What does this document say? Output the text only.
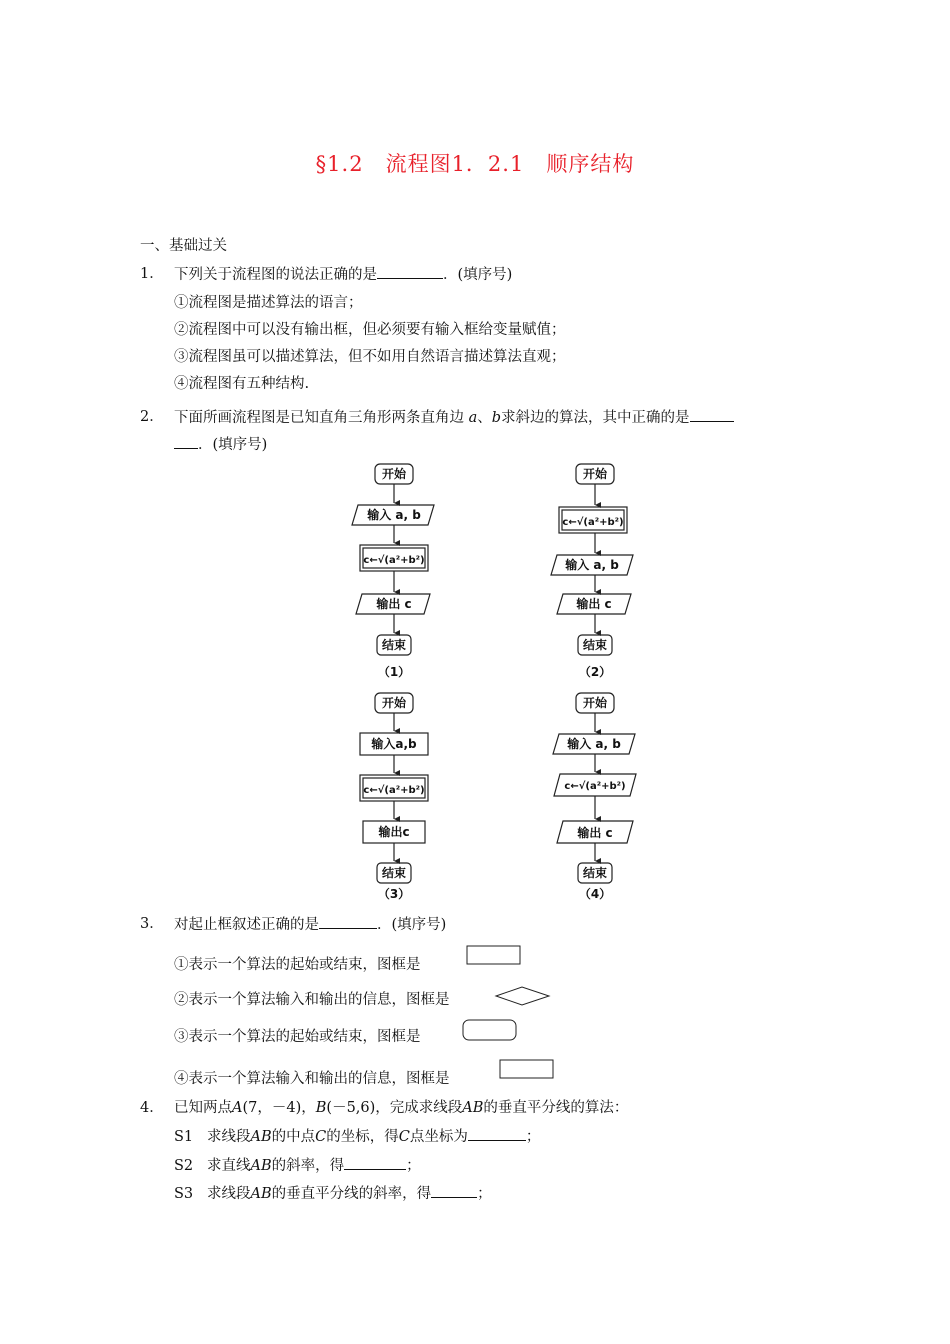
§1.2　流程图1．2.1　顺序结构
一、基础过关
1． 下列关于流程图的说法正确的是	．(填序号)
①流程图是描述算法的语言；
②流程图中可以没有输出框，但必须要有输入框给变量赋值；
③流程图虽可以描述算法，但不如用自然语言描述算法直观；
④流程图有五种结构.
2． 下面所画流程图是已知直角三角形两条直角边 a、b求斜边的算法，其中正确的是
．(填序号)
开始
输入 a, b
c←√(a²+b²)
输出 c
结束
（1）
开始
c←√(a²+b²)
输入 a, b
输出 c
结束
（2）
开始
输入a,b
c←√(a²+b²)
输出c
结束
（3）
开始
输入 a, b
c←√(a²+b²)
输出 c
结束
（4）
3． 对起止框叙述正确的是	．(填序号)
①表示一个算法的起始或结束，图框是
②表示一个算法输入和输出的信息，图框是
③表示一个算法的起始或结束，图框是
④表示一个算法输入和输出的信息，图框是
4． 已知两点A(7，－4)，B(－5,6)，完成求线段AB的垂直平分线的算法：
S1 求线段AB的中点C的坐标，得C点坐标为	；
S2 求直线AB的斜率，得	；
S3 求线段AB的垂直平分线的斜率，得	；
